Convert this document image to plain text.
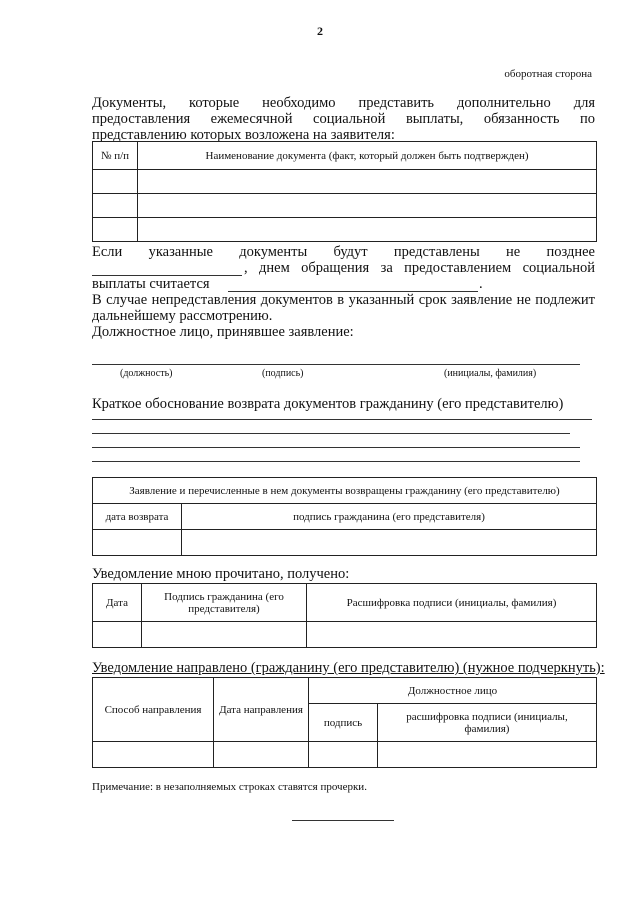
2
оборотная сторона
Документы, которые необходимо представить дополнительно для предоставления ежемесячной социальной выплаты, обязанность по представлению которых возложена на заявителя:
№ п/п	Наименование документа (факт, который должен быть подтвержден)

Если указанные документы будут представлены не позднее
, днем обращения за предоставлением социальной
выплаты считается	.
В случае непредставления документов в указанный срок заявление не подлежит дальнейшему рассмотрению.
Должностное лицо, принявшее заявление:
(должность)	(подпись)	(инициалы, фамилия)
Краткое обоснование возврата документов гражданину (его представителю)
Заявление и перечисленные в нем документы возвращены гражданину (его представителю)	
дата возврата	подпись гражданина (его представителя)

Уведомление мною прочитано, получено:
Дата	Подпись гражданина (его представителя)	Расшифровка подписи (инициалы, фамилия)

Уведомление направлено (гражданину (его представителю) (нужное подчеркнуть):
Способ направления	Дата направления	Должностное лицо	
		подпись	расшифровка подписи (инициалы, фамилия)

Примечание: в незаполняемых строках ставятся прочерки.
